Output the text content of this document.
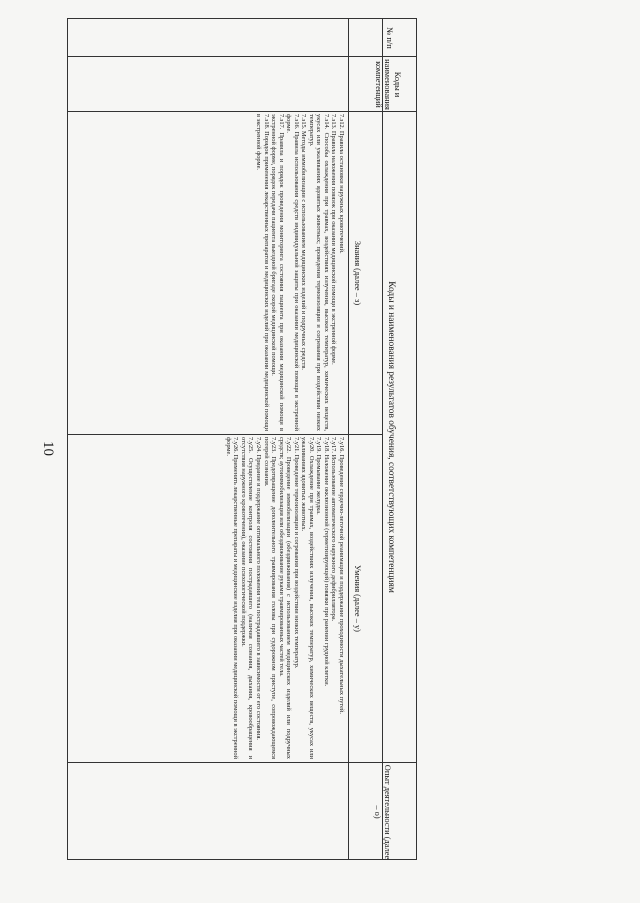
10	Коды и наименования результатов обучения, соответствующих компетенциям
Знания (далее – з)
Умения (далее – у)
№ п/п
Коды и наименования компетенций
Опыт деятельности (далее – о)

7.з12. Правила остановки наружных кровотечений.

7.з13. Правила наложения повязок при оказании медицинской помощи в экстренной форме.

7.з14. Способы охлаждения при травмах, воздействиях излучения, высоких температур, химических веществ, укусах или ужаливаниях ядовитых животных; проведения термоизоляции и согревания при воздействии низких температур.

7.з15. Методы иммобилизации с использованием медицинских изделий и подручных средств.

7.з16. Правила использования средств индивидуальной защиты при оказании медицинской помощи в экстренной форме.

7.з17. Правила и порядок проведения мониторинга состояния пациента при оказании медицинской помощи в экстренной форме, порядок передачи пациента выездной бригаде скорой медицинской помощи.

7.з18. Порядок применения лекарственных препаратов и медицинских изделий при оказании медицинской помощи в экстренной форме.

7.у16. Проведение сердечно-легочной реанимации и поддержание проходимости дыхательных путей.

7.у17. Использование автоматического наружного дефибриллятора.

7.у18. Наложение окклюзионной (герметизирующей) повязки при ранении грудной клетки.

7.у19. Промывание желудка.

7.у20. Охлаждение при травмах, воздействиях излучения, высоких температур, химических веществ, укусах или ужаливаниях ядовитых животных.

7.у21. Проведение термоизоляции и согревания при воздействии низких температур.

7.у22. Проведение иммобилизации (обездвиживания) с использованием медицинских изделий или подручных средств; аутоиммобилизация или обездвиживание руками травмированных частей тела.

7.у23. Предотвращение дополнительного травмирования головы при судорожном приступе, сопровождающемся потерей сознания.

7.у24. Придание и поддержание оптимального положения тела пострадавшего в зависимости от его состояния.

7.у25. Осуществление контроля состояния пострадавшего (наличия сознания, дыхания, кровообращения и отсутствия наружного кровотечения), оказание психологической поддержки.

7.у26. Применять лекарственные препараты и медицинские изделия при оказании медицинской помощи в экстренной форме.
